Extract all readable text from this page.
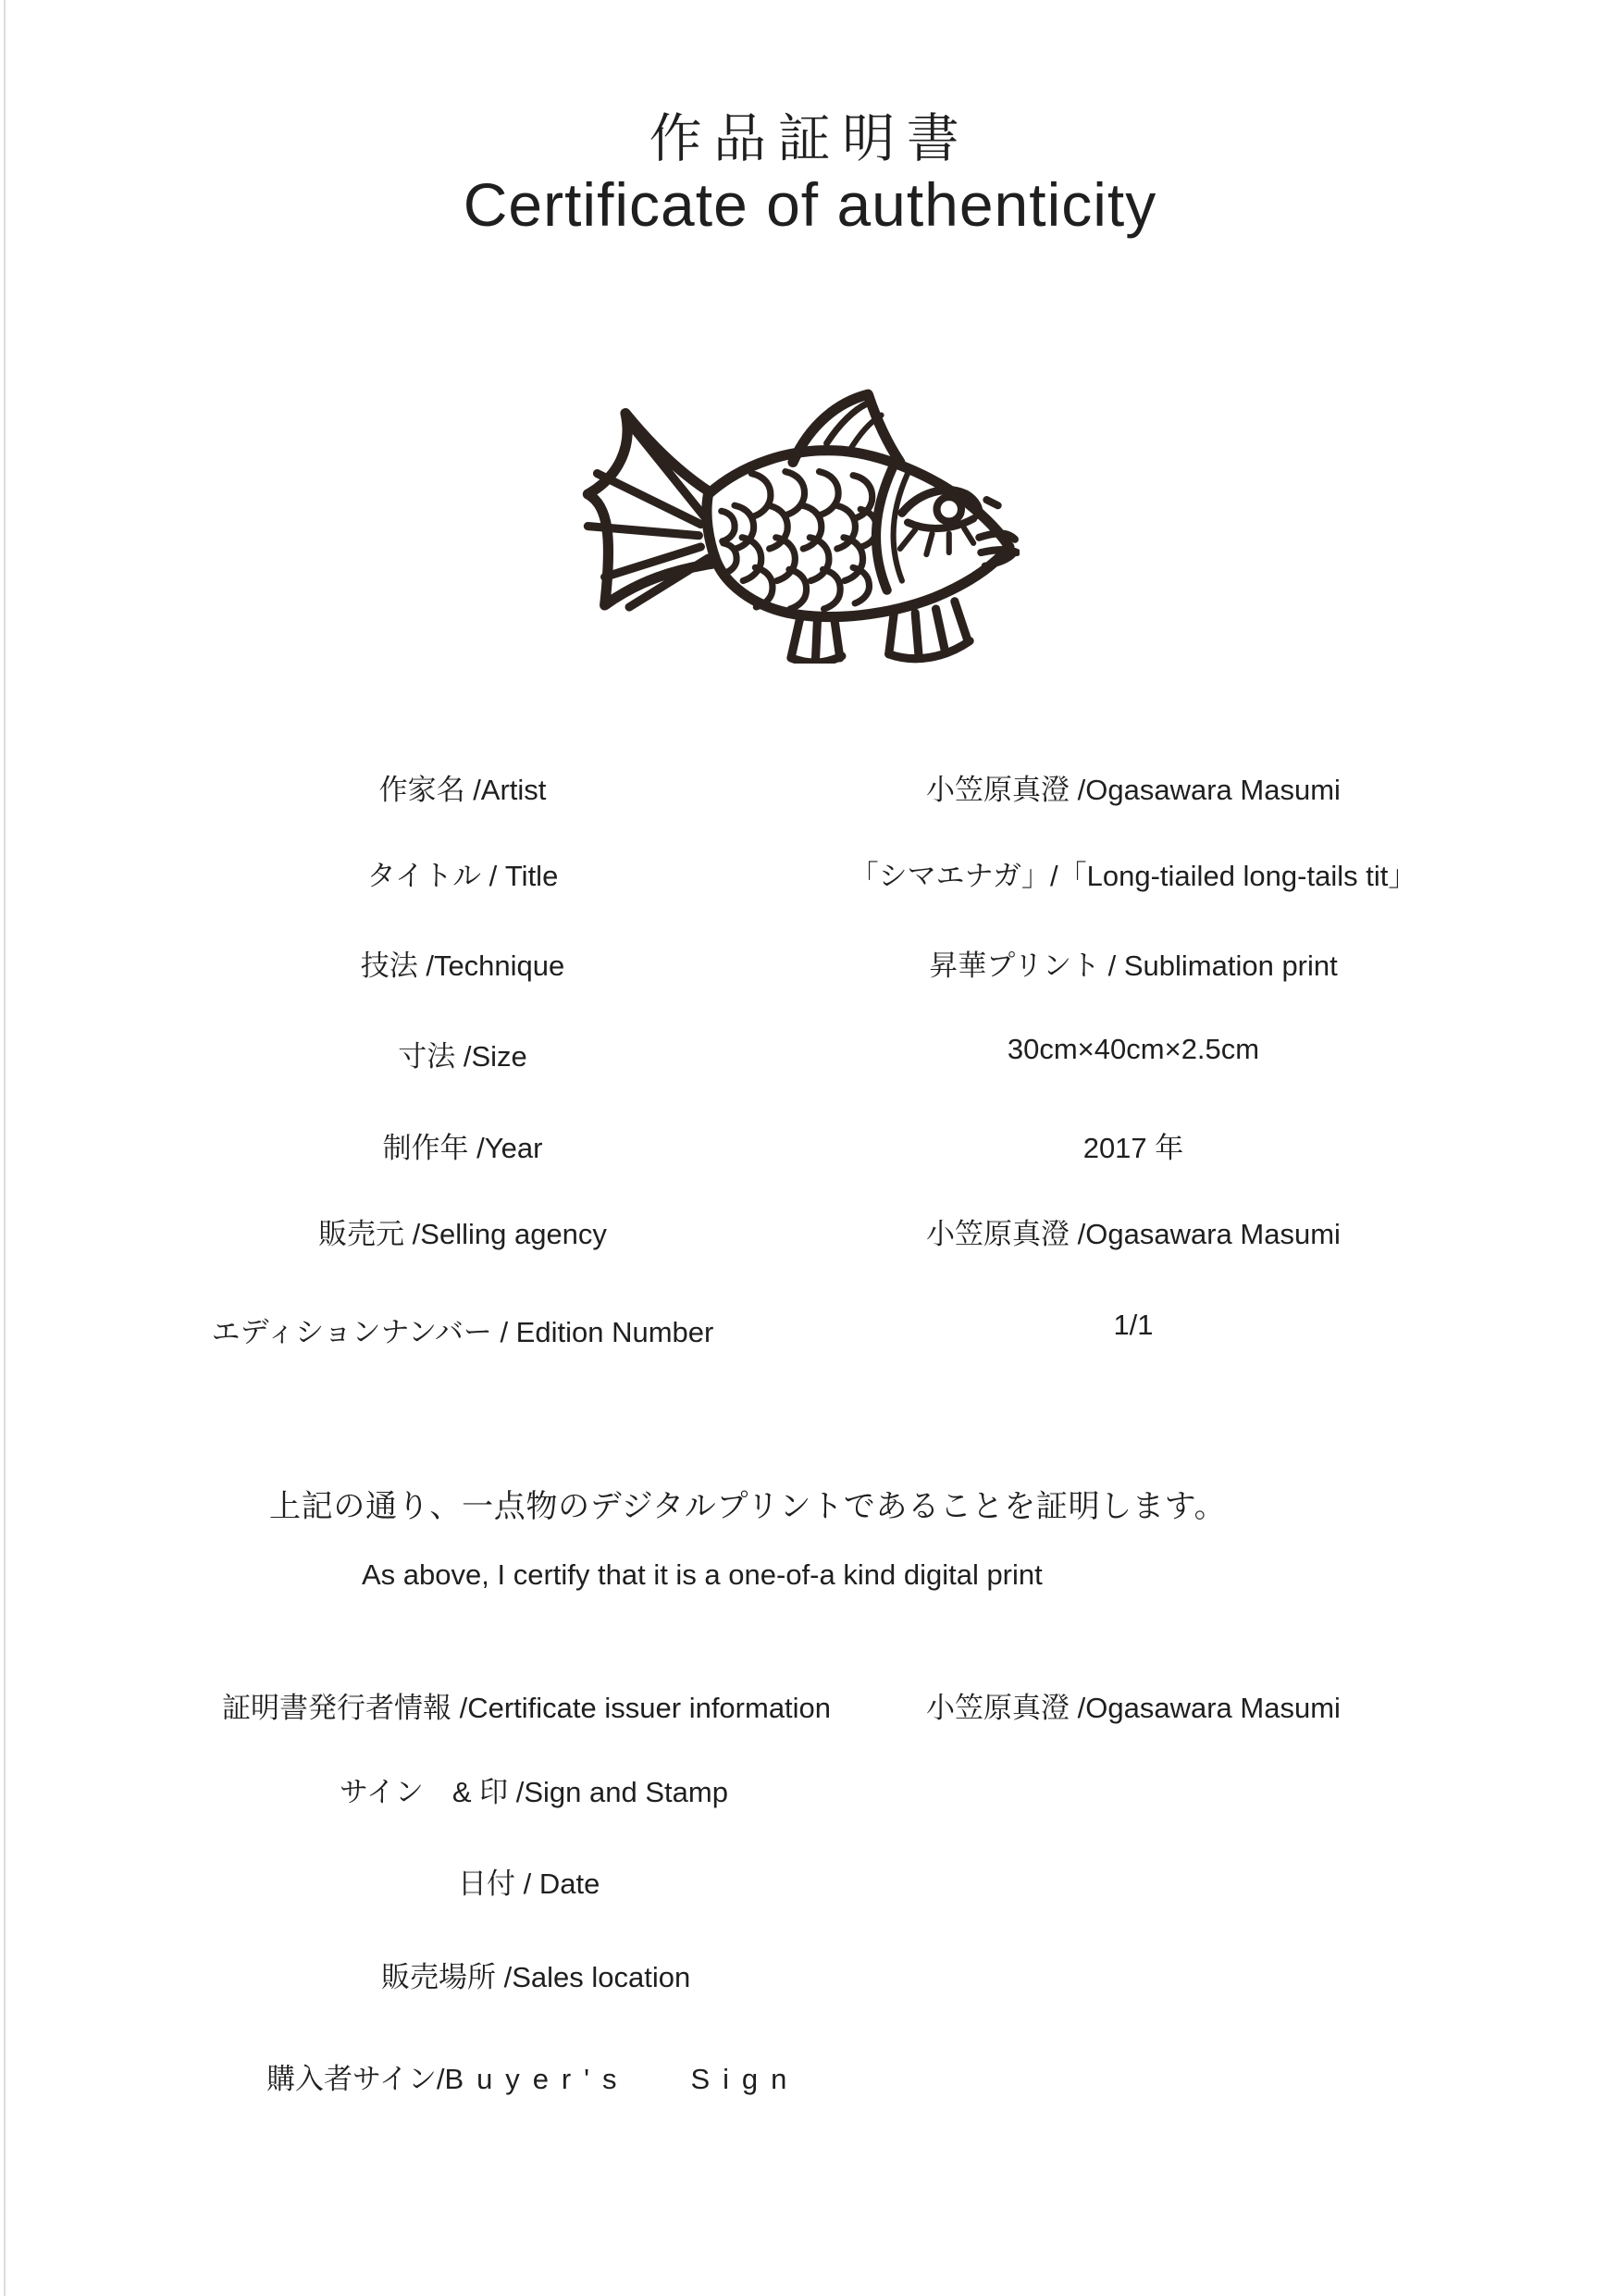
作品証明書
Certificate of authenticity
作家名 /Artist	小笠原真澄 /Ogasawara Masumi
タイトル / Title	「シマエナガ」/「Long-tiailed long-tails tit」
技法 /Technique	昇華プリント / Sublimation print
寸法 /Size	30cm×40cm×2.5cm
制作年 /Year	2017 年
販売元 /Selling agency	小笠原真澄 /Ogasawara Masumi
エディションナンバー / Edition Number	1/1
上記の通り、一点物のデジタルプリントであることを証明します。
As above, I certify that it is a one-of-a kind digital print
証明書発行者情報 /Certificate issuer information	小笠原真澄 /Ogasawara Masumi
サイン　& 印 /Sign and Stamp
日付 / Date
販売場所 /Sales location
購入者サイン/Buyer's Sign
